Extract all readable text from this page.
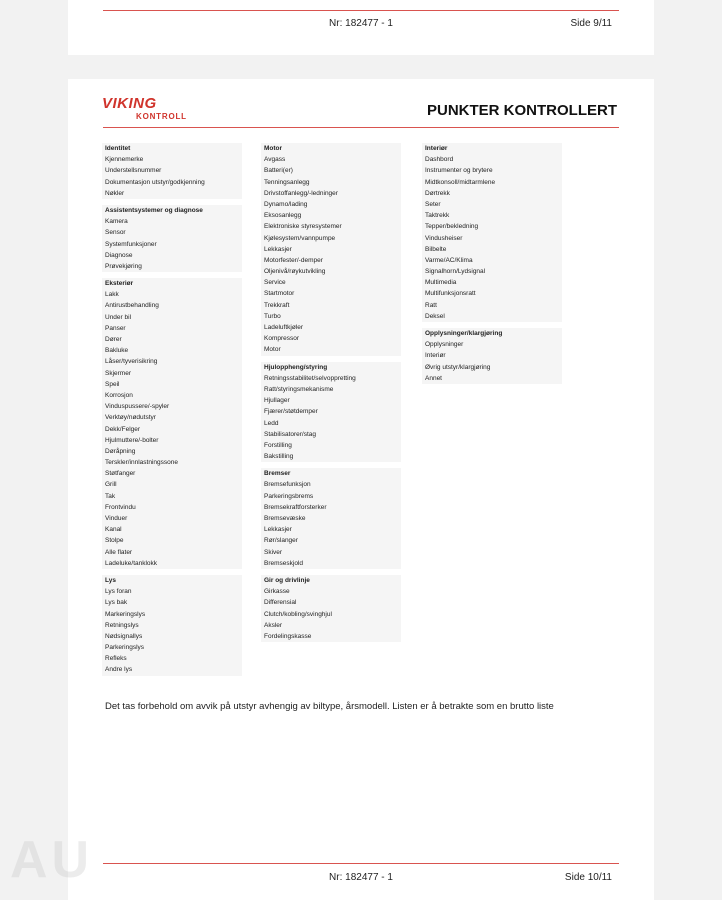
Nr: 182477 - 1	Side 9/11
VIKING
KONTROLL	PUNKTER KONTROLLERT
Identitet
Kjennemerke
Understellsnummer
Dokumentasjon utstyr/godkjenning
Nøkler
Assistentsystemer og diagnose
Kamera
Sensor
Systemfunksjoner
Diagnose
Prøvekjøring
Eksteriør
Lakk
Antirustbehandling
Under bil
Panser
Dører
Bakluke
Låser/tyverisikring
Skjermer
Speil
Korrosjon
Vinduspussere/-spyler
Verktøy/nødutstyr
Dekk/Felger
Hjulmuttere/-bolter
Døråpning
Terskler/innlastningssone
Støtfanger
Grill
Tak
Frontvindu
Vinduer
Kanal
Stolpe
Alle flater
Ladeluke/tanklokk
Lys
Lys foran
Lys bak
Markeringslys
Retningslys
Nødsignallys
Parkeringslys
Refleks
Andre lys
Motor
Avgass
Batteri(er)
Tenningsanlegg
Drivstoffanlegg/-ledninger
Dynamo/lading
Eksosanlegg
Elektroniske styresystemer
Kjølesystem/vannpumpe
Lekkasjer
Motorfester/-demper
Oljenivå/røykutvikling
Service
Startmotor
Trekkraft
Turbo
Ladeluftkjøler
Kompressor
Motor
Hjuloppheng/styring
Retningsstabilitet/selvoppretting
Ratt/styringsmekanisme
Hjullager
Fjærer/støtdemper
Ledd
Stabilisatorer/stag
Forstilling
Bakstilling
Bremser
Bremsefunksjon
Parkeringsbrems
Bremsekraftforsterker
Bremsevæske
Lekkasjer
Rør/slanger
Skiver
Bremseskjold
Gir og drivlinje
Girkasse
Differensial
Clutch/kobling/svinghjul
Aksler
Fordelingskasse
Interiør
Dashbord
Instrumenter og brytere
Midtkonsoll/midtarmlene
Dørtrekk
Seter
Taktrekk
Tepper/bekledning
Vindusheiser
Bilbelte
Varme/AC/Klima
Signalhorn/Lydsignal
Multimedia
Multifunksjonsratt
Ratt
Deksel
Opplysninger/klargjøring
Opplysninger
Interiør
Øvrig utstyr/klargjøring
Annet
Det tas forbehold om avvik på utstyr avhengig av biltype, årsmodell. Listen er å betrakte som en brutto liste
Nr: 182477 - 1	Side 10/11
AU
